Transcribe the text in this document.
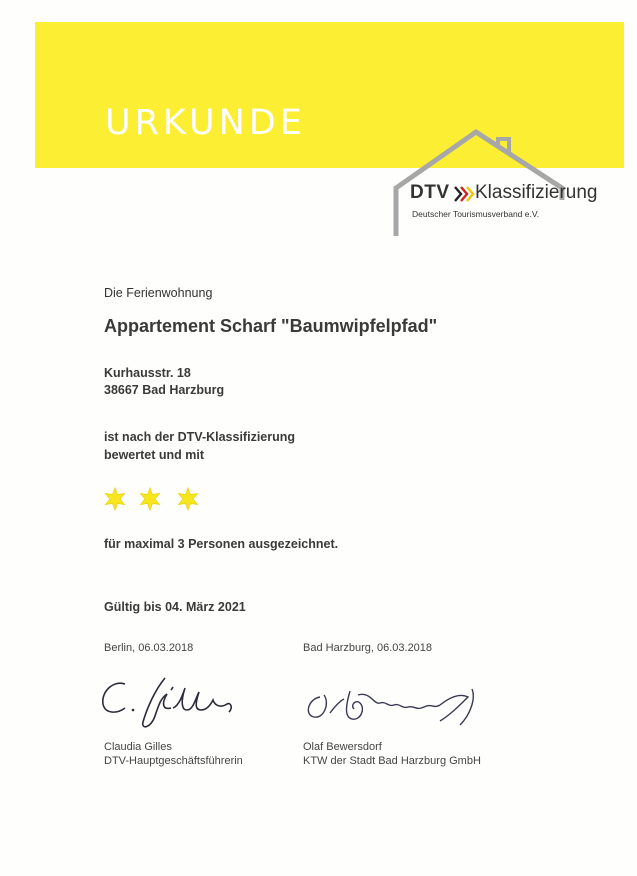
URKUNDE
DTV Klassifizierung
Deutscher Tourismusverband e.V.
Die Ferienwohnung
Appartement Scharf "Baumwipfelpfad"
Kurhausstr. 18
38667 Bad Harzburg
ist nach der DTV-Klassifizierung
bewertet und mit
für maximal 3 Personen ausgezeichnet.
Gültig bis 04. März 2021
Berlin, 06.03.2018
Claudia Gilles
DTV-Hauptgeschäftsführerin
Bad Harzburg, 06.03.2018
Olaf Bewersdorf
KTW der Stadt Bad Harzburg GmbH
